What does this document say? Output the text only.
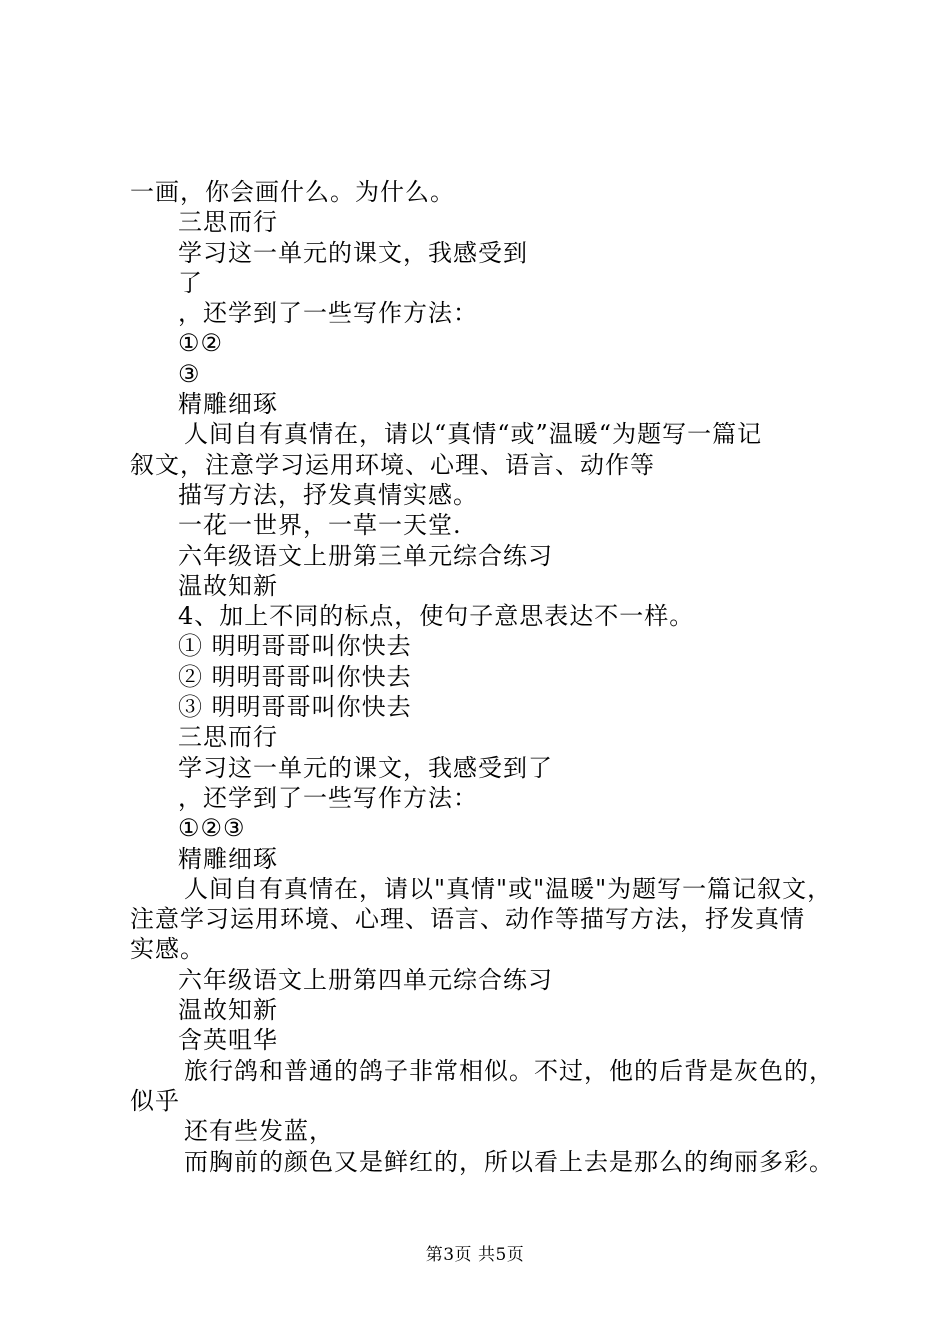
一画，你会画什么。为什么。
三思而行
学习这一单元的课文，我感受到
了
，还学到了一些写作方法：
①②
③
精雕细琢
人间自有真情在，请以“真情“或”温暖“为题写一篇记
叙文，注意学习运用环境、心理、语言、动作等
描写方法，抒发真情实感。
一花一世界，一草一天堂.
六年级语文上册第三单元综合练习
温故知新
4、加上不同的标点，使句子意思表达不一样。
① 明明哥哥叫你快去
② 明明哥哥叫你快去
③ 明明哥哥叫你快去
三思而行
学习这一单元的课文，我感受到了
，还学到了一些写作方法：
①②③
精雕细琢
人间自有真情在，请以"真情"或"温暖"为题写一篇记叙文，
注意学习运用环境、心理、语言、动作等描写方法，抒发真情
实感。
六年级语文上册第四单元综合练习
温故知新
含英咀华
旅行鸽和普通的鸽子非常相似。不过，他的后背是灰色的，
似乎
还有些发蓝，
而胸前的颜色又是鲜红的，所以看上去是那么的绚丽多彩。
第3页 共5页
